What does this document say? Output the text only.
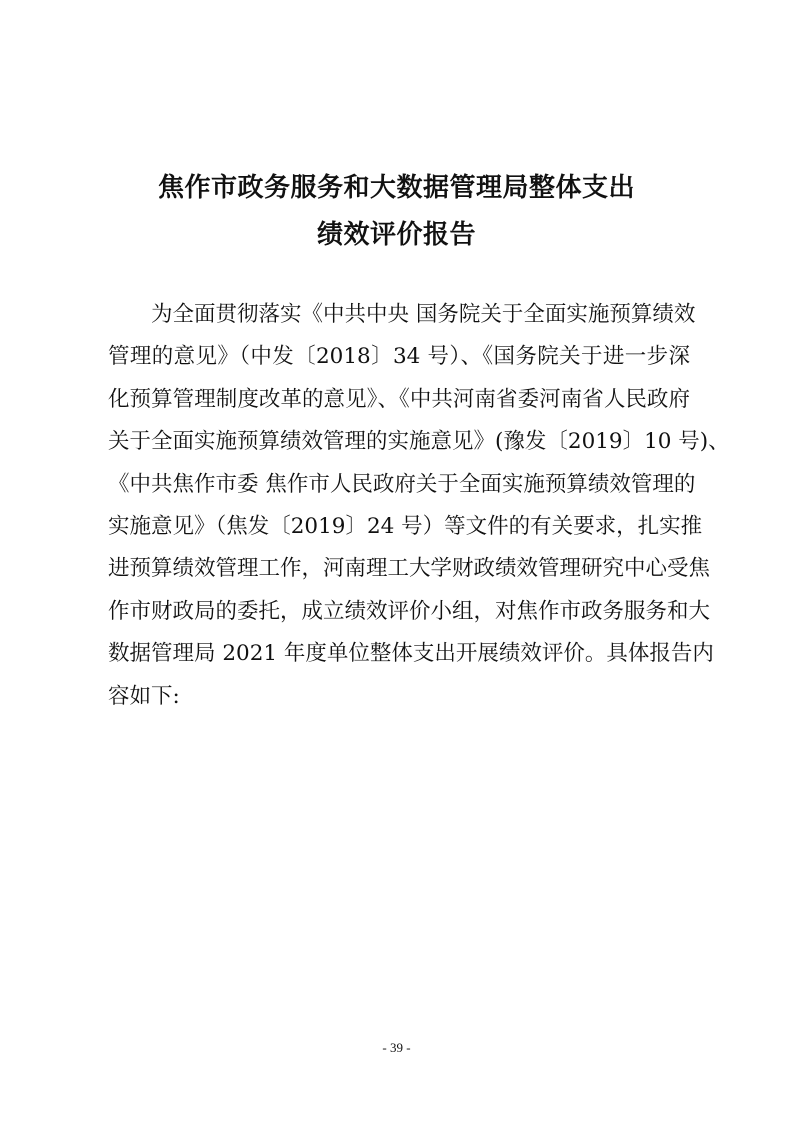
焦作市政务服务和大数据管理局整体支出
绩效评价报告
为全面贯彻落实《中共中央 国务院关于全面实施预算绩效
管理的意见》（中发〔2018〕34 号）、《国务院关于进一步深
化预算管理制度改革的意见》、《中共河南省委河南省人民政府
关于全面实施预算绩效管理的实施意见》(豫发〔2019〕10 号)、
《中共焦作市委 焦作市人民政府关于全面实施预算绩效管理的
实施意见》（焦发〔2019〕24 号）等文件的有关要求，扎实推
进预算绩效管理工作，河南理工大学财政绩效管理研究中心受焦
作市财政局的委托，成立绩效评价小组，对焦作市政务服务和大
数据管理局 2021 年度单位整体支出开展绩效评价。具体报告内
容如下:
- 39 -
